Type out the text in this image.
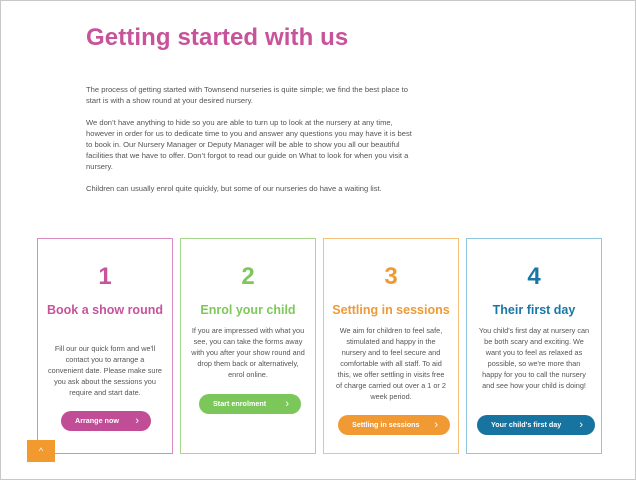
Getting started with us

The process of getting started with Townsend nurseries is quite simple; we find the best place to start is with a show round at your desired nursery.

We don’t have anything to hide so you are able to turn up to look at the nursery at any time, however in order for us to dedicate time to you and answer any questions you may have it is best to book in. Our Nursery Manager or Deputy Manager will be able to show you all our beautiful facilities that we have to offer. Don’t forgot to read our guide on What to look for when you visit a nursery.

Children can usually enrol quite quickly, but some of our nurseries do have a waiting list.

1
Book a show round
Fill our our quick form and we'll contact you to arrange a convenient date. Please make sure you ask about the sessions you require and start date.
Arrange now ›
2
Enrol your child
If you are impressed with what you see, you can take the forms away with you after your show round and drop them back or alternatively, enrol online.
Start enrolment ›
3
Settling in sessions
We aim for children to feel safe, stimulated and happy in the nursery and to feel secure and comfortable with all staff. To aid this, we offer settling in visits free of charge carried out over a 1 or 2 week period.
Settling in sessions ›
4
Their first day
You child's first day at nursery can be both scary and exciting. We want you to feel as relaxed as possible, so we're more than happy for you to call the nursery and see how your child is doing!
Your child's first day ›
^
